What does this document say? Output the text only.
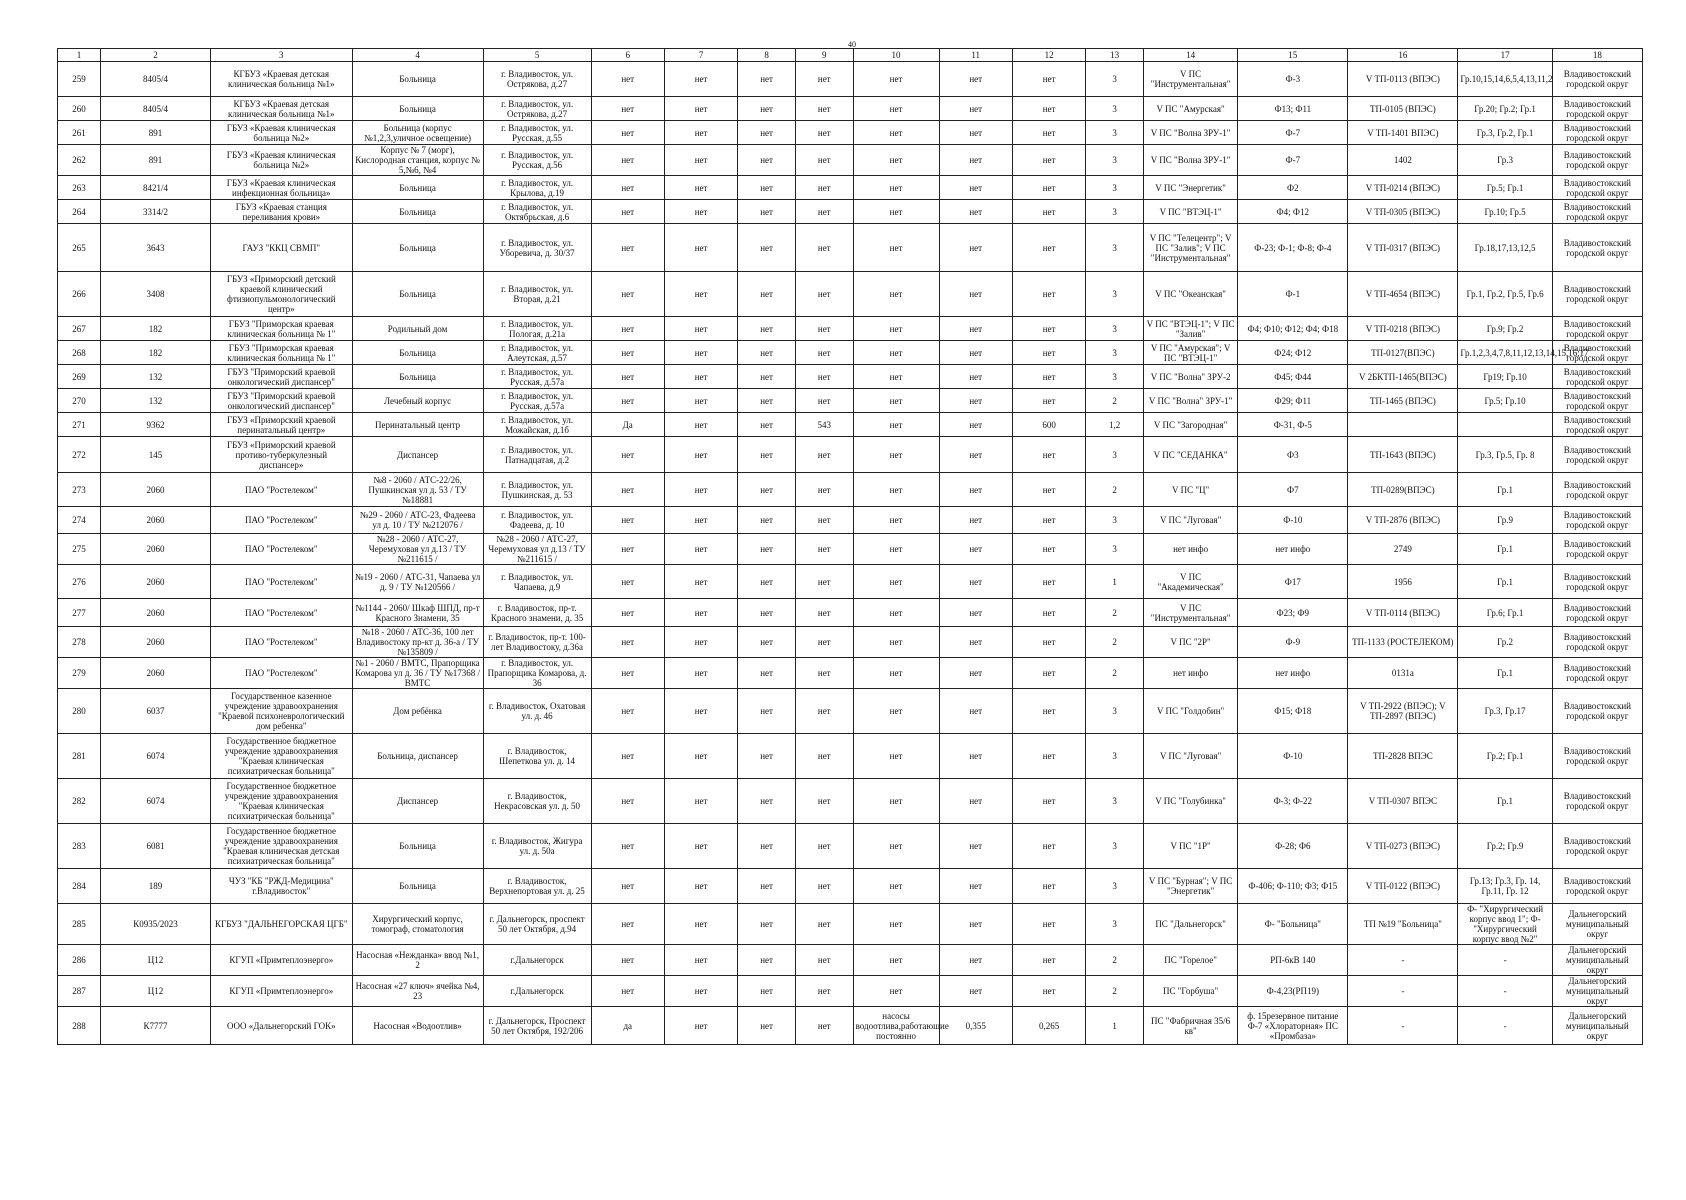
40
1	2	3	4	5	6	7	8	9	10	11	12	13	14	15	16	17	18
259	8405/4	КГБУЗ «Краевая детская клиническая больница №1»	Больница	г. Владивосток, ул. Острякова, д.27	нет	нет	нет	нет	нет	нет	нет	3	V ПС "Инструментальная"	Ф-3	V ТП-0113 (ВПЭС)	Гр.10,15,14,6,5,4,13,11,2	Владивостокский городской округ
260	8405/4	КГБУЗ «Краевая детская клиническая больница №1»	Больница	г. Владивосток, ул. Острякова, д.27	нет	нет	нет	нет	нет	нет	нет	3	V ПС "Амурская"	Ф13; Ф11	ТП-0105 (ВПЭС)	Гр.20; Гр.2; Гр.1	Владивостокский городской округ
261	891	ГБУЗ «Краевая клиническая больница №2»	Больница (корпус №1,2,3,уличное освещение)	г. Владивосток, ул. Русская, д.55	нет	нет	нет	нет	нет	нет	нет	3	V ПС "Волна ЗРУ-1"	Ф-7	V ТП-1401 ВПЭС)	Гр.3, Гр.2, Гр.1	Владивостокский городской округ
262	891	ГБУЗ «Краевая клиническая больница №2»	Корпус № 7 (морг), Кислородная станция, корпус № 5,№6, №4	г. Владивосток, ул. Русская, д.56	нет	нет	нет	нет	нет	нет	нет	3	V ПС "Волна ЗРУ-1"	Ф-7	1402	Гр.3	Владивостокский городской округ
263	8421/4	ГБУЗ «Краевая клиническая инфекционная больница»	Больница	г. Владивосток, ул. Крылова, д.19	нет	нет	нет	нет	нет	нет	нет	3	V ПС "Энергетик"	Ф2	V ТП-0214 (ВПЭС)	Гр.5; Гр.1	Владивостокский городской округ
264	3314/2	ГБУЗ «Краевая станция переливания крови»	Больница	г. Владивосток, ул. Октябрьская, д.6	нет	нет	нет	нет	нет	нет	нет	3	V ПС "ВТЭЦ-1"	Ф4; Ф12	V ТП-0305 (ВПЭС)	Гр.10; Гр.5	Владивостокский городской округ
265	3643	ГАУЗ "ККЦ СВМП"	Больница	г. Владивосток, ул. Уборевича, д. 30/37	нет	нет	нет	нет	нет	нет	нет	3	V ПС "Телецентр"; V ПС "Залив"; V ПС "Инструментальная"	Ф-23; Ф-1; Ф-8; Ф-4	V ТП-0317 (ВПЭС)	Гр.18,17,13,12,5	Владивостокский городской округ
266	3408	ГБУЗ «Приморский детский краевой клинический фтизиопульмонологический центр»	Больница	г. Владивосток, ул. Вторая, д.21	нет	нет	нет	нет	нет	нет	нет	3	V ПС "Океанская"	Ф-1	V ТП-4654 (ВПЭС)	Гр.1, Гр.2, Гр.5, Гр.6	Владивостокский городской округ
267	182	ГБУЗ "Приморская краевая клиническая больница № 1"	Родильный дом	г. Владивосток, ул. Пологая, д.21а	нет	нет	нет	нет	нет	нет	нет	3	V ПС "ВТЭЦ-1"; V ПС "Залив"	Ф4; Ф10; Ф12; Ф4; Ф18	V ТП-0218 (ВПЭС)	Гр.9; Гр.2	Владивостокский городской округ
268	182	ГБУЗ "Приморская краевая клиническая больница № 1"	Больница	г. Владивосток, ул. Алеутская, д.57	нет	нет	нет	нет	нет	нет	нет	3	V ПС "Амурская"; V ПС "ВТЭЦ-1"	Ф24; Ф12	ТП-0127(ВПЭС)	Гр.1,2,3,4,7,8,11,12,13,14,15,16,17	Владивостокский городской округ
269	132	ГБУЗ "Приморский краевой онкологический диспансер"	Больница	г. Владивосток, ул. Русская, д.57а	нет	нет	нет	нет	нет	нет	нет	3	V ПС "Волна" ЗРУ-2	Ф45; Ф44	V 2БКТП-1465(ВПЭС)	Гр19; Гр.10	Владивостокский городской округ
270	132	ГБУЗ "Приморский краевой онкологический диспансер"	Лечебный корпус	г. Владивосток, ул. Русская, д.57а	нет	нет	нет	нет	нет	нет	нет	2	V ПС "Волна" ЗРУ-1"	Ф29; Ф11	ТП-1465 (ВПЭС)	Гр.5; Гр.10	Владивостокский городской округ
271	9362	ГБУЗ «Приморский краевой перинатальный центр»	Перинатальный центр	г. Владивосток, ул. Можайская, д.1б	Да	нет	нет	543	нет	нет	600	1,2	V ПС "Загородная"	Ф-31, Ф-5			Владивостокский городской округ
272	145	ГБУЗ «Приморский краевой противо-туберкулезный диспансер»	Диспансер	г. Владивосток, ул. Патнадцатая, д.2	нет	нет	нет	нет	нет	нет	нет	3	V ПС "СЕДАНКА"	Ф3	ТП-1643 (ВПЭС)	Гр.3, Гр.5, Гр. 8	Владивостокский городской округ
273	2060	ПАО "Ростелеком"	№8 - 2060 / АТС-22/26, Пушкинская ул д. 53 / ТУ №18881	г. Владивосток, ул. Пушкинская, д. 53	нет	нет	нет	нет	нет	нет	нет	2	V ПС "Ц"	Ф7	ТП-0289(ВПЭС)	Гр.1	Владивостокский городской округ
274	2060	ПАО "Ростелеком"	№29 - 2060 / АТС-23, Фадеева ул д. 10 / ТУ №212076 /	г. Владивосток, ул. Фадеева, д. 10	нет	нет	нет	нет	нет	нет	нет	3	V ПС "Луговая"	Ф-10	V ТП-2876 (ВПЭС)	Гр.9	Владивостокский городской округ
275	2060	ПАО "Ростелеком"	№28 - 2060 / АТС-27, Черемуховая ул д.13 / ТУ №211615 /	№28 - 2060 / АТС-27, Черемуховая ул д.13 / ТУ №211615 /	нет	нет	нет	нет	нет	нет	нет	3	нет инфо	нет инфо	2749	Гр.1	Владивостокский городской округ
276	2060	ПАО "Ростелеком"	№19 - 2060 / АТС-31, Чапаева ул д. 9 / ТУ №120566 /	г. Владивосток, ул. Чапаева, д.9	нет	нет	нет	нет	нет	нет	нет	1	V ПС "Академическая"	Ф17	1956	Гр.1	Владивостокский городской округ
277	2060	ПАО "Ростелеком"	№1144 - 2060/ Шкаф ШПД, пр-т Красного Знамени, 35	г. Владивосток, пр-т. Красного знамени, д. 35	нет	нет	нет	нет	нет	нет	нет	2	V ПС "Инструментальная"	Ф23; Ф9	V ТП-0114 (ВПЭС)	Гр.6; Гр.1	Владивостокский городской округ
278	2060	ПАО "Ростелеком"	№18 - 2060 / АТС-36, 100 лет Владивостоку пр-кт д. 36-а / ТУ №135809 /	г. Владивосток, пр-т. 100-лет Владивостоку, д.36а	нет	нет	нет	нет	нет	нет	нет	2	V ПС "2Р"	Ф-9	ТП-1133 (РОСТЕЛЕКОМ)	Гр.2	Владивостокский городской округ
279	2060	ПАО "Ростелеком"	№1 - 2060 / ВМТС, Прапорщика Комарова ул д. 36 / ТУ №17368 / ВМТС	г. Владивосток, ул. Прапорщика Комарова, д. 36	нет	нет	нет	нет	нет	нет	нет	2	нет инфо	нет инфо	0131а	Гр.1	Владивостокский городской округ
280	6037	Государственное казенное учреждение здравоохранения "Краевой психоневрологический дом ребенка"	Дом ребёнка	г. Владивосток, Охатовая ул. д. 46	нет	нет	нет	нет	нет	нет	нет	3	V ПС "Голдобин"	Ф15; Ф18	V ТП-2922 (ВПЭС); V ТП-2897 (ВПЭС)	Гр.3, Гр.17	Владивостокский городской округ
281	6074	Государственное бюджетное учреждение здравоохранения "Краевая клиническая психиатрическая больница"	Больница, диспансер	г. Владивосток, Шепеткова ул. д. 14	нет	нет	нет	нет	нет	нет	нет	3	V ПС "Луговая"	Ф-10	ТП-2828 ВПЭС	Гр.2; Гр.1	Владивостокский городской округ
282	6074	Государственное бюджетное учреждение здравоохранения "Краевая клиническая психиатрическая больница"	Диспансер	г. Владивосток, Некрасовская ул. д. 50	нет	нет	нет	нет	нет	нет	нет	3	V ПС "Голубинка"	Ф-3; Ф-22	V ТП-0307 ВПЭС	Гр.1	Владивостокский городской округ
283	6081	Государственное бюджетное учреждение здравоохранения "Краевая клиническая детская психиатрическая больница"	Больница	г. Владивосток, Жигура ул. д. 50а	нет	нет	нет	нет	нет	нет	нет	3	V ПС "1Р"	Ф-28; Ф6	V ТП-0273 (ВПЭС)	Гр.2; Гр.9	Владивостокский городской округ
284	189	ЧУЗ "КБ "РЖД-Медицина" г.Владивосток"	Больница	г. Владивосток, Верхнепортовая ул. д. 25	нет	нет	нет	нет	нет	нет	нет	3	V ПС "Бурная"; V ПС "Энергетик"	Ф-406; Ф-110; Ф3; Ф15	V ТП-0122 (ВПЭС)	Гр.13; Гр.3, Гр. 14, Гр.11, Гр. 12	Владивостокский городской округ
285	К0935/2023	КГБУЗ "ДАЛЬНЕГОРСКАЯ ЦГБ"	Хирургический корпус, томограф, стоматология	г. Дальнегорск, проспект 50 лет Октября, д.94	нет	нет	нет	нет	нет	нет	нет	3	ПС "Дальнегорск"	Ф- "Больница"	ТП №19 "Больница"	Ф- "Хирургический корпус ввод 1"; Ф- "Хирургический корпус ввод №2"	Дальнегорский муниципальный округ
286	Ц12	КГУП «Примтеплоэнерго»	Насосная «Нежданка» ввод №1, 2	г.Дальнегорск	нет	нет	нет	нет	нет	нет	нет	2	ПС "Горелое"	РП-6кВ 140	-	-	Дальнегорский муниципальный округ
287	Ц12	КГУП «Примтеплоэнерго»	Насосная «27 ключ» ячейка №4, 23	г.Дальнегорск	нет	нет	нет	нет	нет	нет	нет	2	ПС "Горбуша"	Ф-4,23(РП19)	-	-	Дальнегорский муниципальный округ
288	К7777	ООО «Дальнегорский ГОК»	Насосная «Водоотлив»	г. Дальнегорск, Проспект 50 лет Октября, 192/206	да	нет	нет	нет	насосы водоотлива,работающие постоянно	0,355	0,265	1	ПС "Фабричная 35/6 кв"	ф. 15резервное питание Ф-7 «Хлораторная» ПС «Промбаза»	-	-	Дальнегорский муниципальный округ
